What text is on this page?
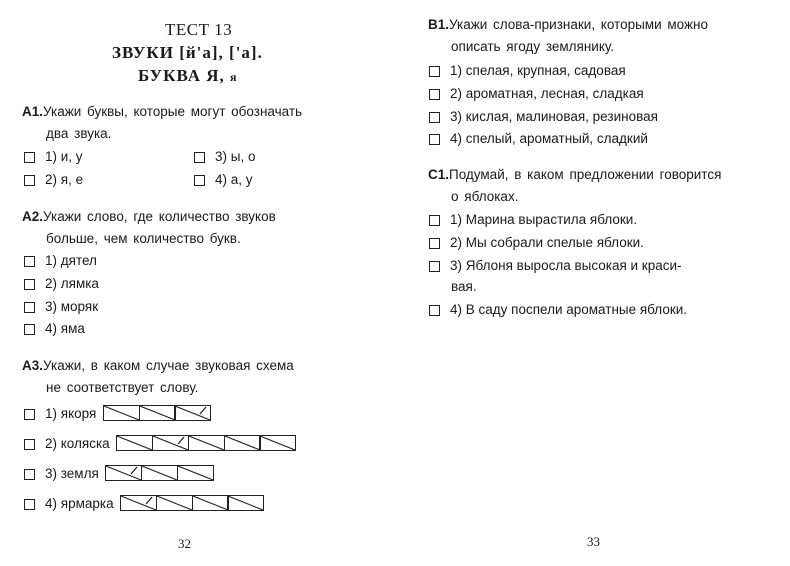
ТЕСТ 13
ЗВУКИ [й'а], ['а].
БУКВА Я, я
А1.Укажи буквы, которые могут обозначать
два звука.
1) и, у
2) я, е
3) ы, о
4) а, у
А2.Укажи слово, где количество звуков
больше, чем количество букв.
1) дятел
2) лямка
3) моряк
4) яма
А3.Укажи, в каком случае звуковая схема
не соответствует слову.
1) якоря
2) коляска
3) земля
4) ярмарка
32
В1.Укажи слова-признаки, которыми можно
описать ягоду землянику.
1) спелая, крупная, садовая
2) ароматная, лесная, сладкая
3) кислая, малиновая, резиновая
4) спелый, ароматный, сладкий
С1.Подумай, в каком предложении говорится
о яблоках.
1) Марина вырастила яблоки.
2) Мы собрали спелые яблоки.
3) Яблоня выросла высокая и краси-
вая.
4) В саду поспели ароматные яблоки.
33
